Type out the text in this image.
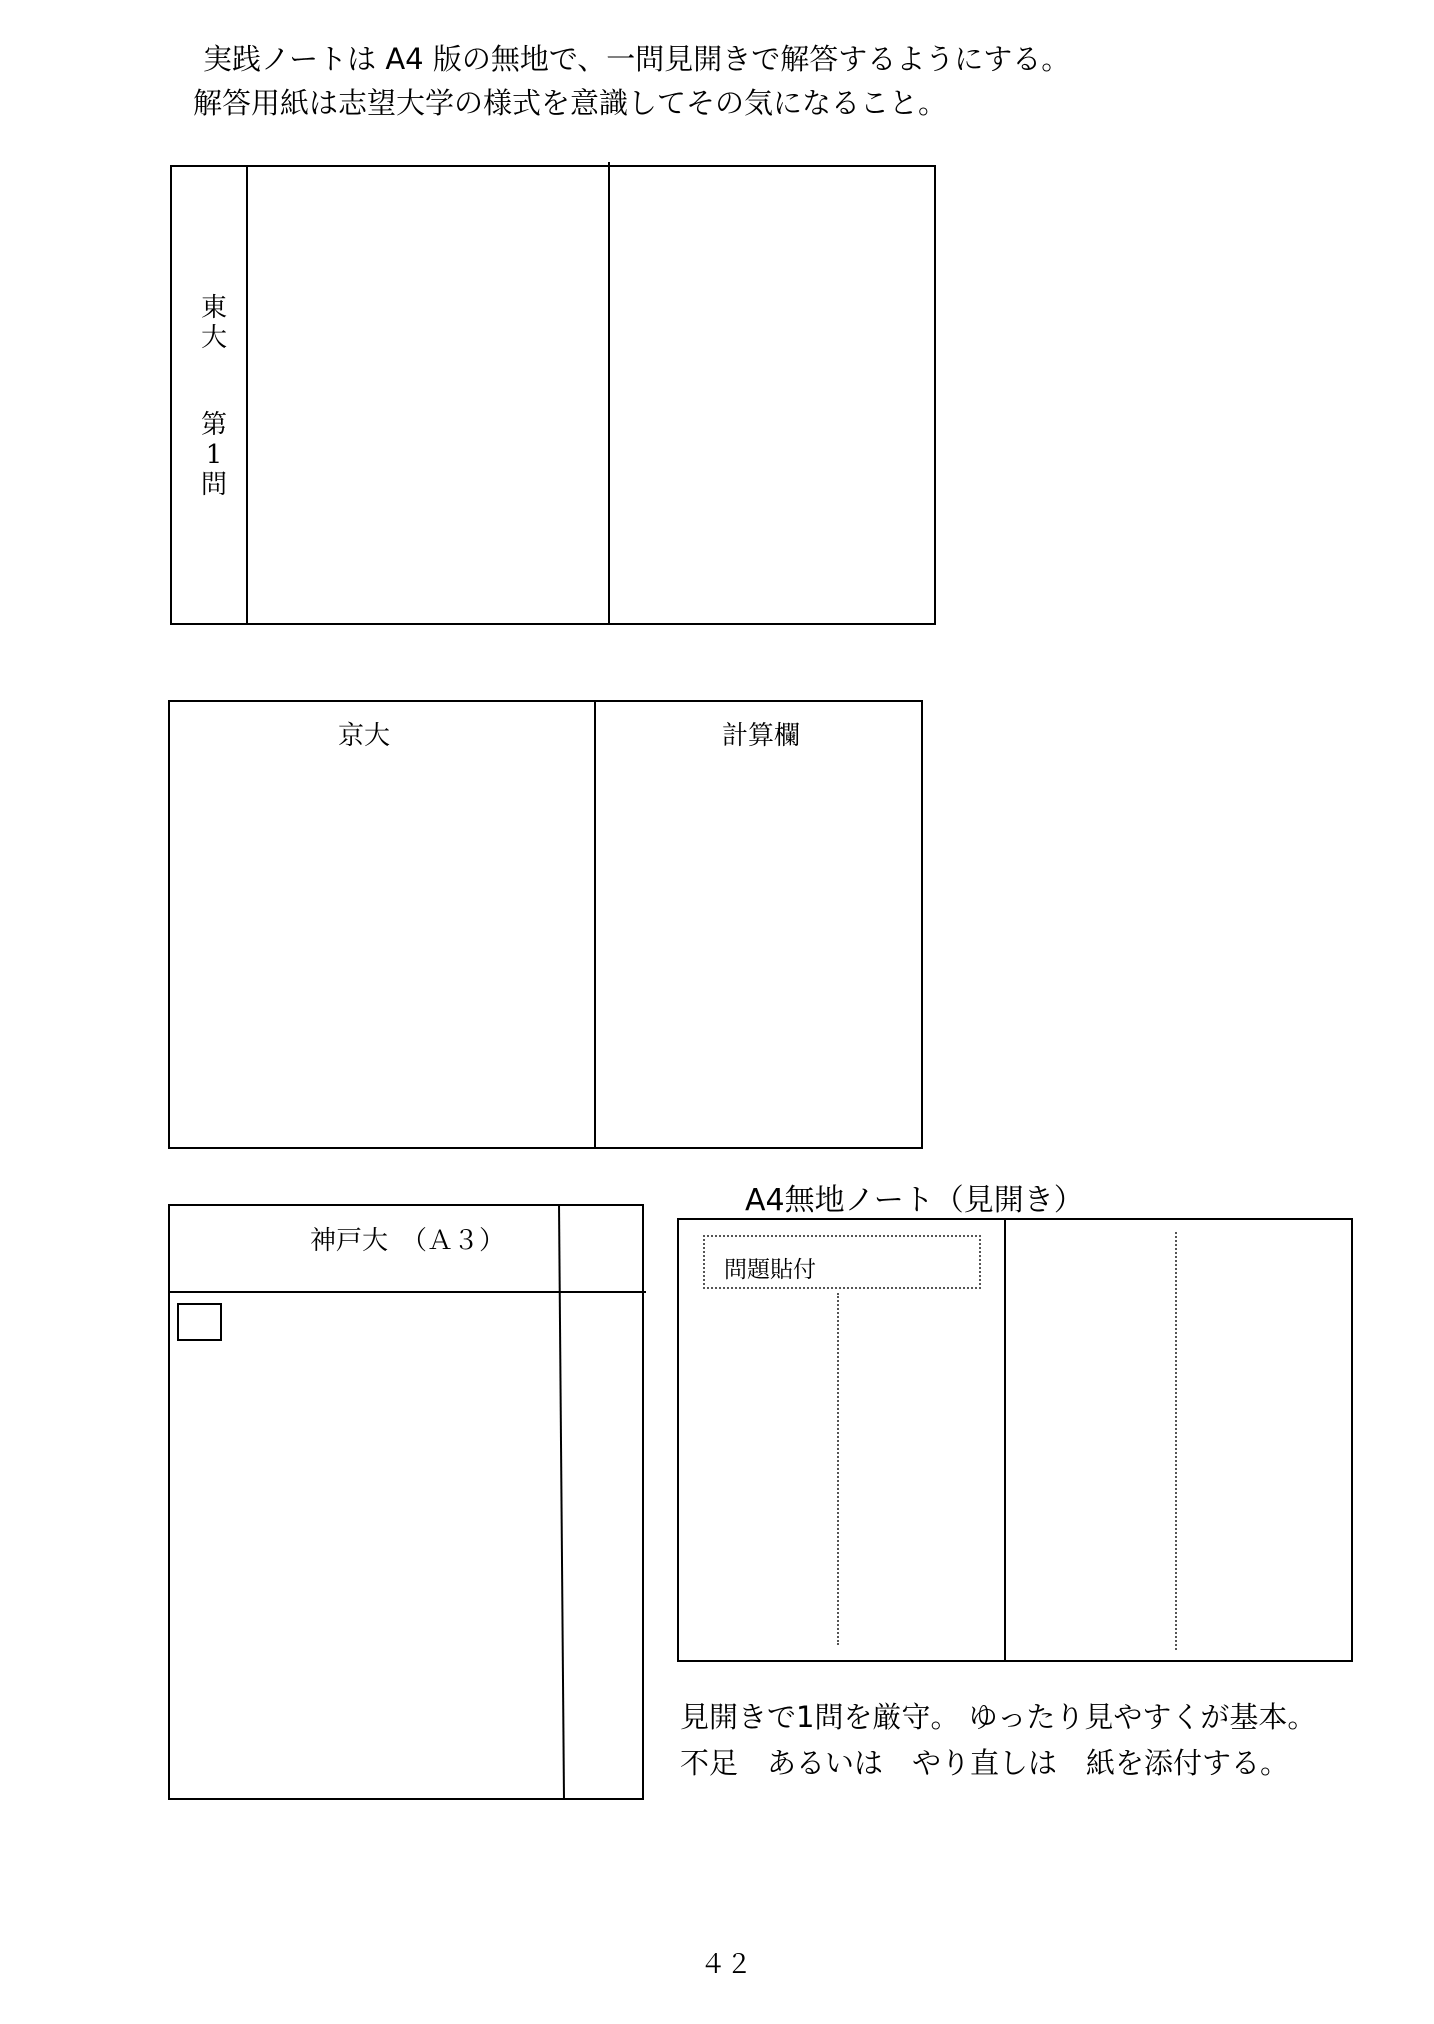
実践ノートは A4 版の無地で、一問見開きで解答するようにする。
解答用紙は志望大学の様式を意識してその気になること。
東大
第1問
京大	計算欄
神戸大　（Ａ３）
A4無地ノート（見開き）
問題貼付
見開きで1問を厳守。 ゆったり見やすくが基本。
不足　あるいは　やり直しは　紙を添付する。
４２
